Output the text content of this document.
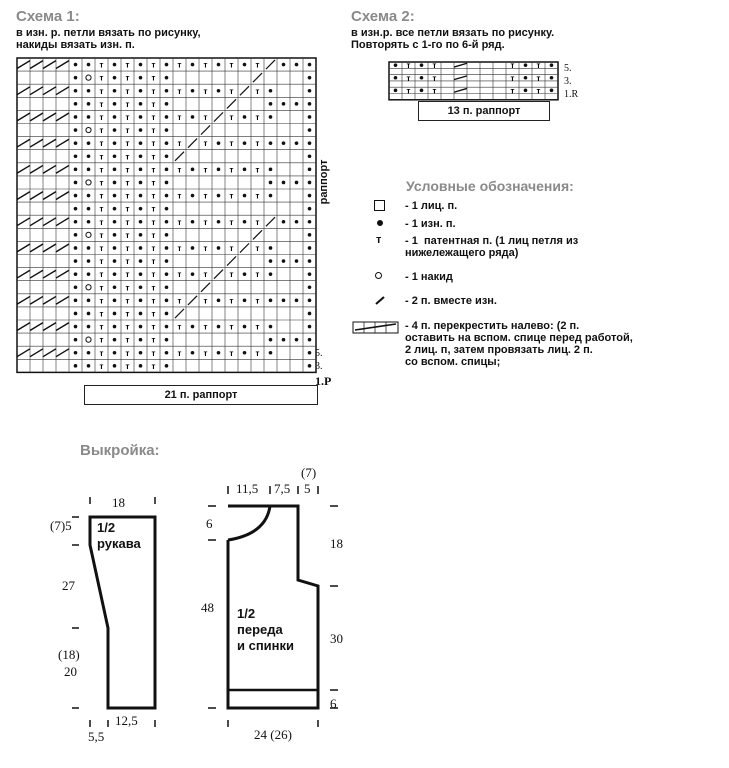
Схема 1:
в изн. р. петли вязать по рисунку,
накиды вязать изн. п.
т	т	т	т	т	т	т
т	т	т
т	т	т	т	т	т	т
т	т	т
т	т	т	т	т	т	т
т	т	т
т	т	т	т	т	т	т
т	т	т
т	т	т	т	т	т	т
т	т	т
т	т	т	т	т	т	т
т	т	т
т	т	т	т	т	т	т
т	т	т
т	т	т	т	т	т	т
т	т	т
т	т	т	т	т	т	т
т	т	т
т	т	т	т	т	т	т
т	т	т
т	т	т	т	т	т	т
т	т	т
т	т	т	т	т	т	т
т	т	т
5.
3.
1.Р
раппорт
21 п. раппорт
Схема 2:
в изн.р. все петли вязать по рисунку.
Повторять с 1-го по 6-й ряд.
т	т	т	т
т	т	т	т
т	т	т	т
5.
3.
1.R
13 п. раппорт
Условные обозначения:
- 1 лиц. п.
- 1 изн. п.
т - 1  патентная п. (1 лиц петля из
нижележащего ряда)
- 1 накид
- 2 п. вместе изн.
- 4 п. перекрестить налево: (2 п.
оставить на вспом. спице перед работой,
2 лиц. п, затем провязать лиц. 2 п.
со вспом. спицы;
Выкройка:
18
(7)5
27
(18)
20
12,5
5,5
1/2
рукава
(7)
11,5 7,5 5
6
18
48
30
6
24 (26)
1/2
переда
и спинки
